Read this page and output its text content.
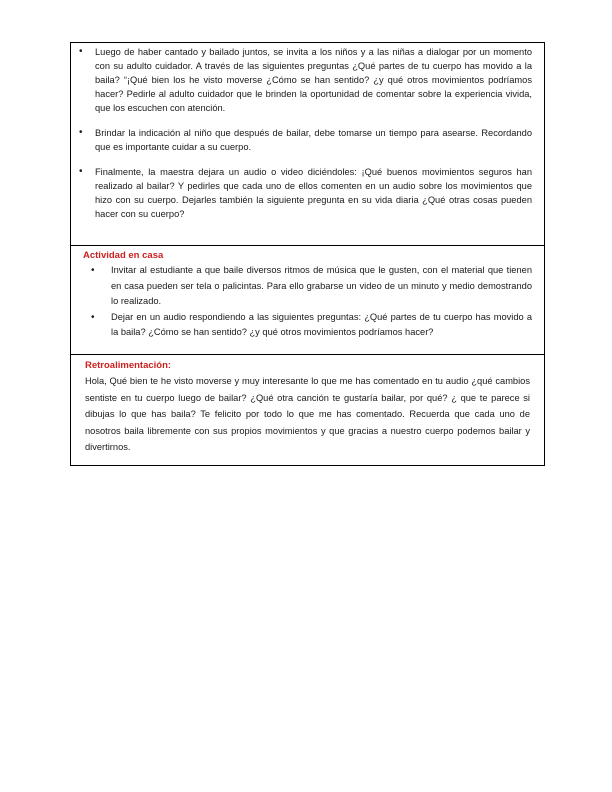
• Luego de haber cantado y bailado juntos, se invita a los niños y a las niñas a dialogar por un momento con su adulto cuidador. A través de las siguientes preguntas ¿Qué partes de tu cuerpo has movido a la baila? “¡Qué bien los he visto moverse ¿Cómo se han sentido? ¿y qué otros movimientos podríamos hacer? Pedirle al adulto cuidador que le brinden la oportunidad de comentar sobre la experiencia vivida, que los escuchen con atención.
• Brindar la indicación al niño que después de bailar, debe tomarse un tiempo para asearse. Recordando que es importante cuidar a su cuerpo.
• Finalmente, la maestra dejara un audio o video diciéndoles: ¡Qué buenos movimientos seguros han realizado al bailar? Y pedirles que cada uno de ellos comenten en un audio sobre los movimientos que hizo con su cuerpo. Dejarles también la siguiente pregunta en su vida diaria ¿Qué otras cosas pueden hacer con su cuerpo?
Actividad en casa
• Invitar al estudiante a que baile diversos ritmos de música que le gusten, con el material que tienen en casa pueden ser tela o palicintas. Para ello grabarse un video de un minuto y medio demostrando lo realizado.
• Dejar en un audio respondiendo a las siguientes preguntas: ¿Qué partes de tu cuerpo has movido a la baila? ¿Cómo se han sentido? ¿y qué otros movimientos podríamos hacer?
Retroalimentación:

Hola, Qué bien te he visto moverse y muy interesante lo que me has comentado en tu audio ¿qué cambios sentiste en tu cuerpo luego de bailar? ¿Qué otra canción te gustaría bailar, por qué? ¿ que te parece si dibujas lo que has baila? Te felicito por todo lo que me has comentado. Recuerda que cada uno de nosotros baila libremente con sus propios movimientos y que gracias a nuestro cuerpo podemos bailar y divertirnos.
